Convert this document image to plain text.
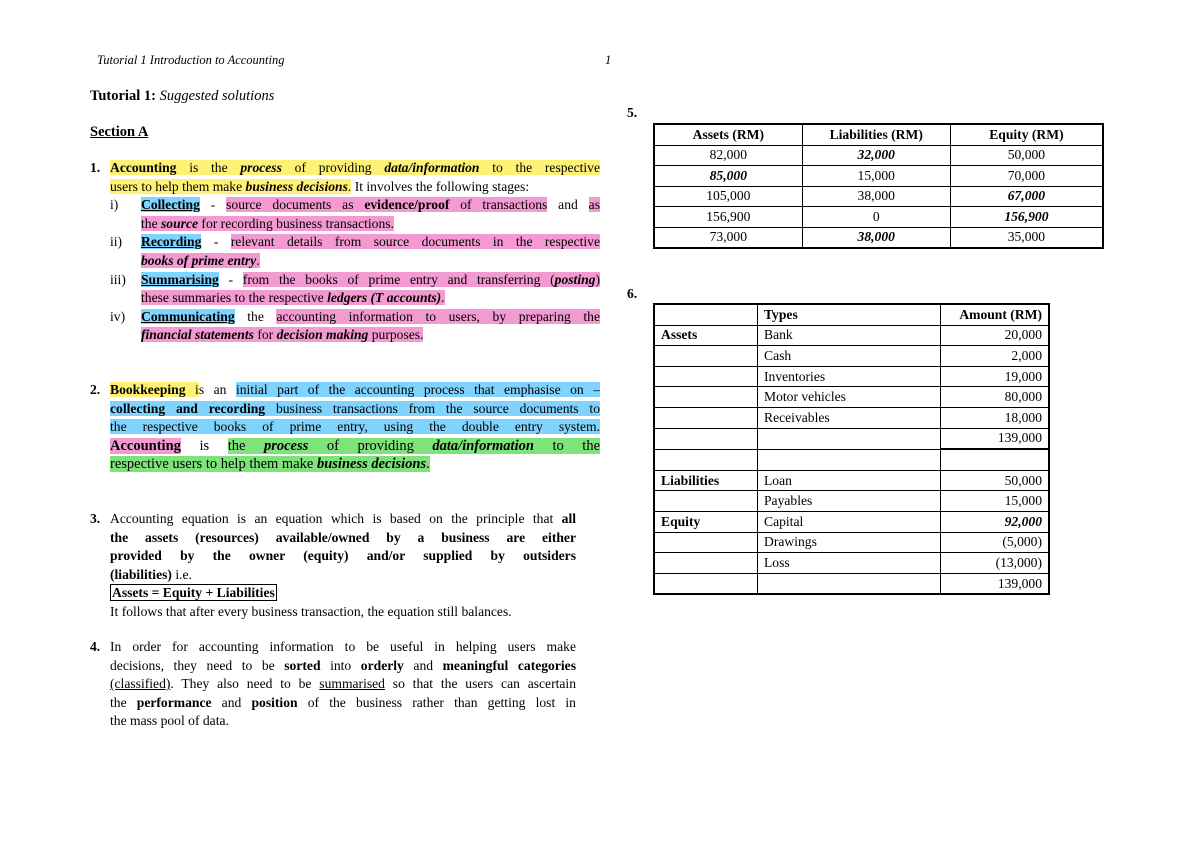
Tutorial 1 Introduction to Accounting	1
Tutorial 1: Suggested solutions
Section A
1. Accounting is the process of providing data/information to the respective
users to help them make business decisions. It involves the following stages:
i) Collecting - source documents as evidence/proof of transactions and as
the source for recording business transactions.
ii) Recording - relevant details from source documents in the respective
books of prime entry.
iii) Summarising - from the books of prime entry and transferring (posting)
these summaries to the respective ledgers (T accounts).
iv) Communicating the accounting information to users, by preparing the
financial statements for decision making purposes.
2. Bookkeeping is an initial part of the accounting process that emphasise on –
collecting and recording business transactions from the source documents to
the respective books of prime entry, using the double entry system.
Accounting is the process of providing data/information to the
respective users to help them make business decisions.
3. Accounting equation is an equation which is based on the principle that all
the assets (resources) available/owned by a business are either
provided by the owner (equity) and/or supplied by outsiders
(liabilities) i.e.
Assets = Equity + Liabilities
It follows that after every business transaction, the equation still balances.
4. In order for accounting information to be useful in helping users make
decisions, they need to be sorted into orderly and meaningful categories
(classified). They also need to be summarised so that the users can ascertain
the performance and position of the business rather than getting lost in
the mass pool of data.
5.
Assets (RM)	Liabilities (RM)	Equity (RM)
82,000	32,000	50,000
85,000	15,000	70,000
105,000	38,000	67,000
156,900	0	156,900
73,000	38,000	35,000
6.
	Types	Amount (RM)
Assets	Bank	20,000
	Cash	2,000
	Inventories	19,000
	Motor vehicles	80,000
	Receivables	18,000
		139,000

Liabilities	Loan	50,000
	Payables	15,000
Equity	Capital	92,000
	Drawings	(5,000)
	Loss	(13,000)
		139,000
